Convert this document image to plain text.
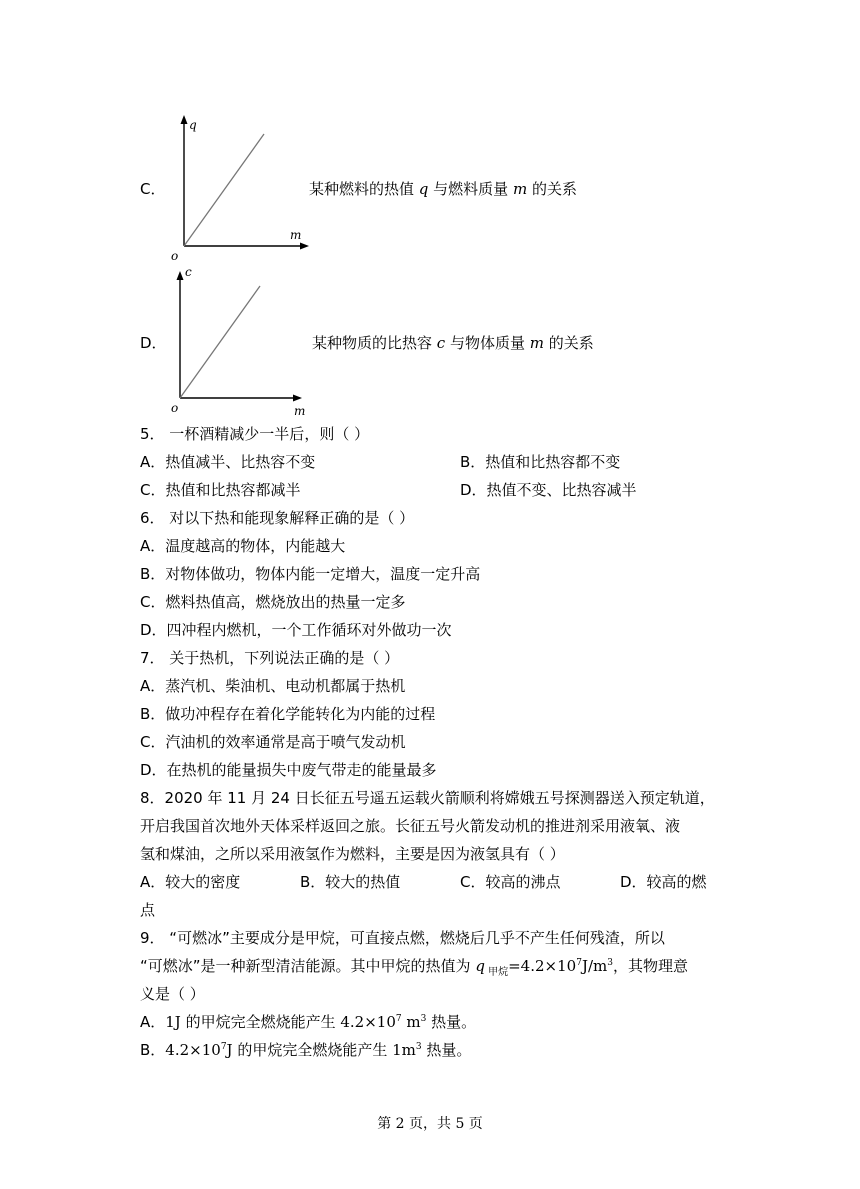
C．
q
m
o
某种燃料的热值 q 与燃料质量 m 的关系
D．
c
m
o
某种物质的比热容 c 与物体质量 m 的关系
5． 一杯酒精减少一半后，则（ ）
A．热值减半、比热容不变	B．热值和比热容都不变
C．热值和比热容都减半	D．热值不变、比热容减半
6． 对以下热和能现象解释正确的是（ ）
A．温度越高的物体，内能越大
B．对物体做功，物体内能一定增大，温度一定升高
C．燃料热值高，燃烧放出的热量一定多
D．四冲程内燃机，一个工作循环对外做功一次
7． 关于热机，下列说法正确的是（ ）
A．蒸汽机、柴油机、电动机都属于热机
B．做功冲程存在着化学能转化为内能的过程
C．汽油机的效率通常是高于喷气发动机
D．在热机的能量损失中废气带走的能量最多
8．2020 年 11 月 24 日长征五号遥五运载火箭顺利将嫦娥五号探测器送入预定轨道，
开启我国首次地外天体采样返回之旅。长征五号火箭发动机的推进剂采用液氧、液
氢和煤油，之所以采用液氢作为燃料，主要是因为液氢具有（ ）
A．较大的密度	B．较大的热值	C．较高的沸点	D．较高的燃
点
9． “可燃冰”主要成分是甲烷，可直接点燃，燃烧后几乎不产生任何残渣，所以
“可燃冰”是一种新型清洁能源。其中甲烷的热值为 q $_{甲烷}=4.2\times 10^7J/m^3$，其物理意
义是（ ）
A．1J 的甲烷完全燃烧能产生 $4.2\times 10^7$ $m^3$ 热量。
B．$4.2\times 10^7J$ 的甲烷完全燃烧能产生 $1m^3$ 热量。
第 2 页，共 5 页
